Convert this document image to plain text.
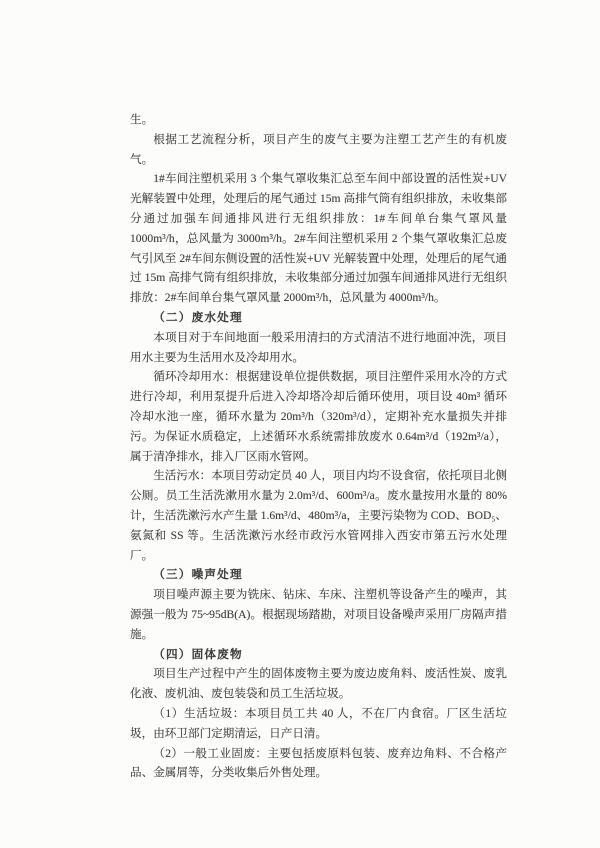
生。

根据工艺流程分析，项目产生的废气主要为注塑工艺产生的有机废气。

1#车间注塑机采用 3 个集气罩收集汇总至车间中部设置的活性炭+UV 光解装置中处理，处理后的尾气通过 15m 高排气筒有组织排放，未收集部分通过加强车间通排风进行无组织排放：1#车间单台集气罩风量 1000m³/h，总风量为 3000m³/h。2#车间注塑机采用 2 个集气罩收集汇总废气引风至 2#车间东侧设置的活性炭+UV 光解装置中处理，处理后的尾气通过 15m 高排气筒有组织排放，未收集部分通过加强车间通排风进行无组织排放：2#车间单台集气罩风量 2000m³/h，总风量为 4000m³/h。

（二）废水处理

本项目对于车间地面一般采用清扫的方式清洁不进行地面冲洗，项目用水主要为生活用水及冷却用水。

循环冷却用水：根据建设单位提供数据，项目注塑件采用水冷的方式进行冷却，利用泵提升后进入冷却塔冷却后循环使用，项目设 40m³ 循环冷却水池一座，循环水量为 20m³/h（320m³/d），定期补充水量损失并排污。为保证水质稳定，上述循环水系统需排放废水 0.64m³/d（192m³/a），属于清净排水，排入厂区雨水管网。

生活污水：本项目劳动定员 40 人，项目内均不设食宿，依托项目北侧公厕。员工生活洗漱用水量为 2.0m³/d、600m³/a。废水量按用水量的 80%计，生活洗漱污水产生量 1.6m³/d、480m³/a，主要污染物为 COD、BOD₅、氨氮和 SS 等。生活洗漱污水经市政污水管网排入西安市第五污水处理厂。

（三）噪声处理

项目噪声源主要为铣床、钻床、车床、注塑机等设备产生的噪声，其源强一般为 75~95dB(A)。根据现场踏勘，对项目设备噪声采用厂房隔声措施。

（四）固体废物

项目生产过程中产生的固体废物主要为废边废角料、废活性炭、废乳化液、废机油、废包装袋和员工生活垃圾。

（1）生活垃圾：本项目员工共 40 人，不在厂内食宿。厂区生活垃圾，由环卫部门定期清运，日产日清。

（2）一般工业固废：主要包括废原料包装、废弃边角料、不合格产品、金属屑等，分类收集后外售处理。
